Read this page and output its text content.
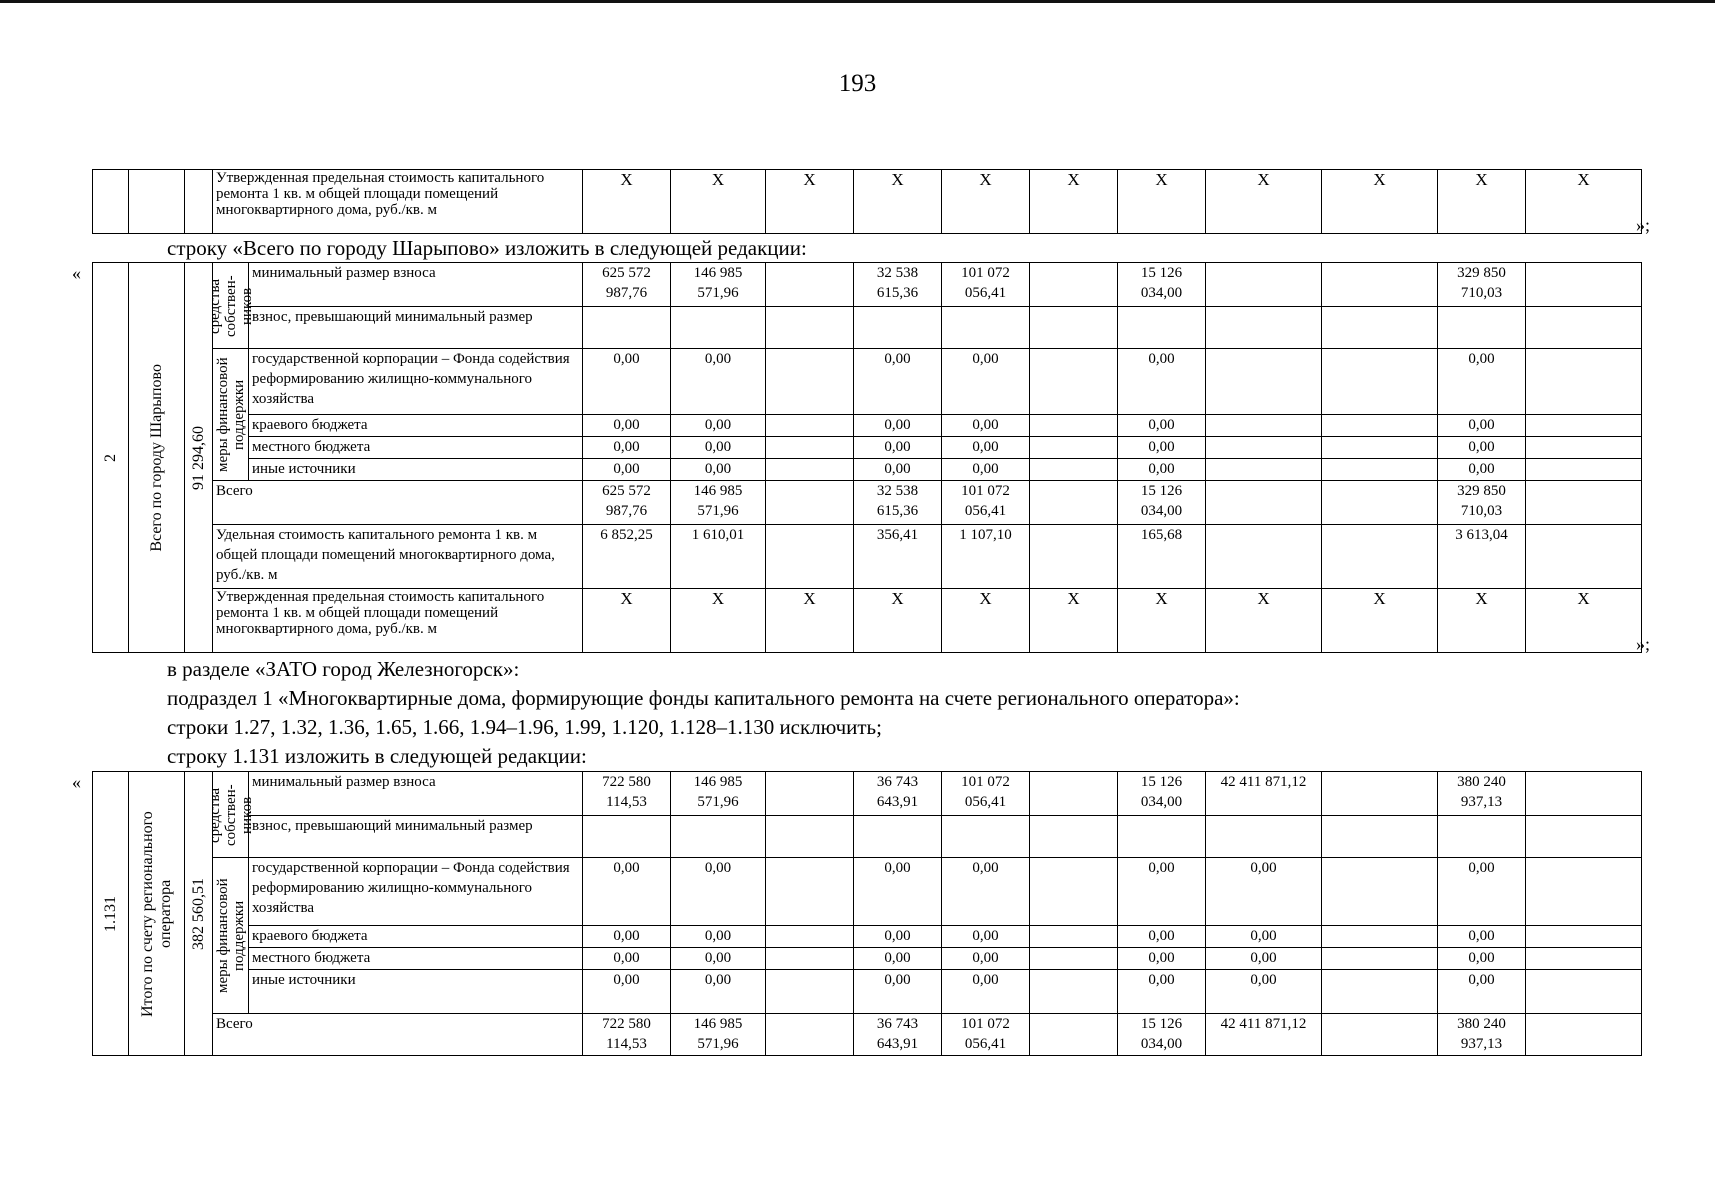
193
			Утвержденная предельная стоимость капитального ремонта 1 кв. м общей площади помещений многоквартирного дома, руб./кв. м	X	X	X	X	X	X	X	X	X	X	X
»;
строку «Всего по городу Шарыпово» изложить в следующей редакции:
«
2	Всего по городу Шарыпово	91 294,60	средства собствен-ников	минимальный размер взноса	625 572 987,76	146 985 571,96		32 538 615,36	101 072 056,41		15 126 034,00			329 850 710,03	
				взнос, превышающий минимальный размер											

			меры финансовой поддержки	государственной корпорации – Фонда содействия реформированию жилищно-коммунального хозяйства	0,00	0,00		0,00	0,00		0,00			0,00	
				краевого бюджета	0,00	0,00		0,00	0,00		0,00			0,00	
				местного бюджета	0,00	0,00		0,00	0,00		0,00			0,00	
				иные источники	0,00	0,00		0,00	0,00		0,00			0,00	
			Всего		625 572 987,76	146 985 571,96		32 538 615,36	101 072 056,41		15 126 034,00			329 850 710,03	
			Удельная стоимость капитального ремонта 1 кв. м общей площади помещений многоквартирного дома, руб./кв. м		6 852,25	1 610,01		356,41	1 107,10		165,68			3 613,04	
			Утвержденная предельная стоимость капитального ремонта 1 кв. м общей площади помещений многоквартирного дома, руб./кв. м		X	X	X	X	X	X	X	X	X	X	X
»;
в разделе «ЗАТО город Железногорск»:
подраздел 1 «Многоквартирные дома, формирующие фонды капитального ремонта на счете регионального оператора»:
строки 1.27, 1.32, 1.36, 1.65, 1.66, 1.94–1.96, 1.99, 1.120, 1.128–1.130 исключить;
строку 1.131 изложить в следующей редакции:
«
1.131	Итого по счету регионального оператора	382 560,51	средства собствен-ников	минимальный размер взноса	722 580 114,53	146 985 571,96		36 743 643,91	101 072 056,41		15 126 034,00	42 411 871,12		380 240 937,13	
				взнос, превышающий минимальный размер											

			меры финансовой поддержки	государственной корпорации – Фонда содействия реформированию жилищно-коммунального хозяйства	0,00	0,00		0,00	0,00		0,00	0,00		0,00	
				краевого бюджета	0,00	0,00		0,00	0,00		0,00	0,00		0,00	
				местного бюджета	0,00	0,00		0,00	0,00		0,00	0,00		0,00	
				иные источники	0,00	0,00		0,00	0,00		0,00	0,00		0,00	
			Всего		722 580 114,53	146 985 571,96		36 743 643,91	101 072 056,41		15 126 034,00	42 411 871,12		380 240 937,13	
